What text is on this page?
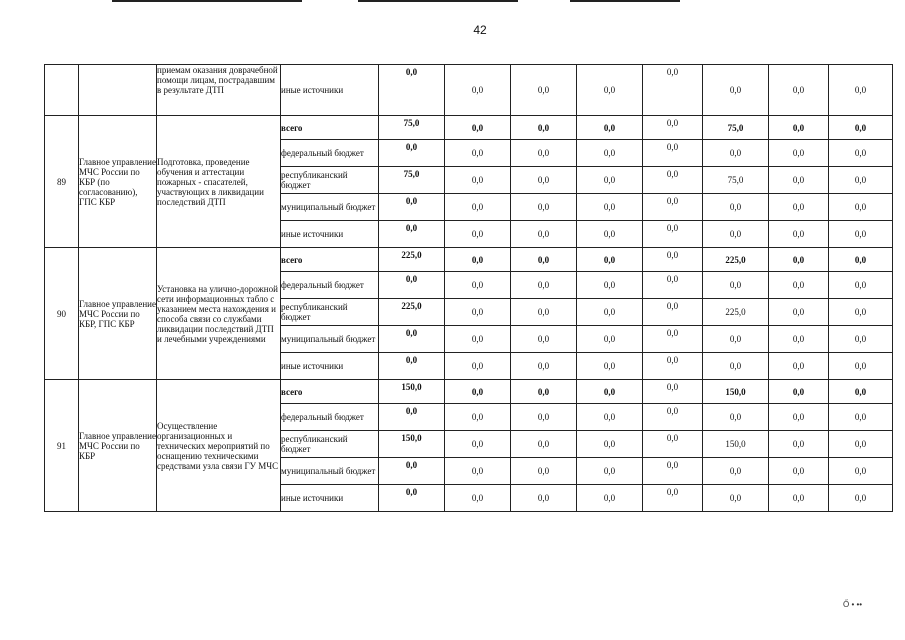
42
		приемам оказания доврачебной помощи лицам, пострадавшим в результате ДТП	иные источники	0,0	0,0	0,0	0,0	0,0	0,0	0,0	0,0
89	Главное управление МЧС России по КБР (по согласованию), ГПС КБР	Подготовка, проведение обучения и аттестации пожарных - спасателей, участвующих в ликвидации последствий ДТП	всего	75,0	0,0	0,0	0,0	0,0	75,0	0,0	0,0
			федеральный бюджет	0,0	0,0	0,0	0,0	0,0	0,0	0,0	0,0
			республиканский бюджет	75,0	0,0	0,0	0,0	0,0	75,0	0,0	0,0
			муниципальный бюджет	0,0	0,0	0,0	0,0	0,0	0,0	0,0	0,0
			иные источники	0,0	0,0	0,0	0,0	0,0	0,0	0,0	0,0
90	Главное управление МЧС России по КБР, ГПС КБР	Установка на улично-дорожной сети информационных табло с указанием места нахождения и способа связи со службами ликвидации последствий ДТП и лечебными учреждениями	всего	225,0	0,0	0,0	0,0	0,0	225,0	0,0	0,0
			федеральный бюджет	0,0	0,0	0,0	0,0	0,0	0,0	0,0	0,0
			республиканский бюджет	225,0	0,0	0,0	0,0	0,0	225,0	0,0	0,0
			муниципальный бюджет	0,0	0,0	0,0	0,0	0,0	0,0	0,0	0,0
			иные источники	0,0	0,0	0,0	0,0	0,0	0,0	0,0	0,0
91	Главное управление МЧС России по КБР	Осуществление организационных и технических мероприятий по оснащению техническими средствами узла связи ГУ МЧС	всего	150,0	0,0	0,0	0,0	0,0	150,0	0,0	0,0
			федеральный бюджет	0,0	0,0	0,0	0,0	0,0	0,0	0,0	0,0
			республиканский бюджет	150,0	0,0	0,0	0,0	0,0	150,0	0,0	0,0
			муниципальный бюджет	0,0	0,0	0,0	0,0	0,0	0,0	0,0	0,0
			иные источники	0,0	0,0	0,0	0,0	0,0	0,0	0,0	0,0
Ő • ••
